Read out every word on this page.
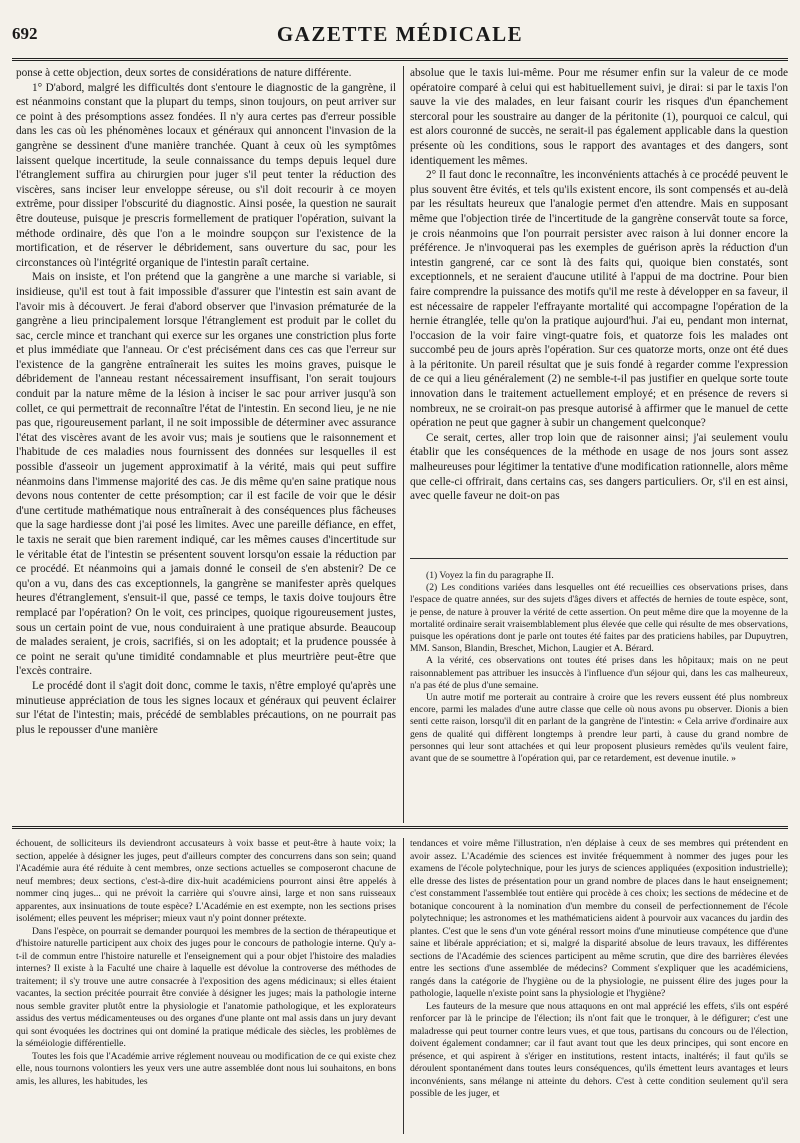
692	GAZETTE MÉDICALE

ponse à cette objection, deux sortes de considérations de nature différente.

1° D'abord, malgré les difficultés dont s'entoure le diagnostic de la gangrène, il est néanmoins constant que la plupart du temps, sinon toujours, on peut arriver sur ce point à des présomptions assez fondées. Il n'y aura certes pas d'erreur possible dans les cas où les phénomènes locaux et généraux qui annoncent l'invasion de la gangrène se dessinent d'une manière tranchée. Quant à ceux où les symptômes laissent quelque incertitude, la seule connaissance du temps depuis lequel dure l'étranglement suffira au chirurgien pour juger s'il peut tenter la réduction des viscères, sans inciser leur enveloppe séreuse, ou s'il doit recourir à ce moyen extrême, pour dissiper l'obscurité du diagnostic. Ainsi posée, la question ne saurait être douteuse, puisque je prescris formellement de pratiquer l'opération, suivant la méthode ordinaire, dès que l'on a le moindre soupçon sur l'existence de la mortification, et de réserver le débridement, sans ouverture du sac, pour les circonstances où l'intégrité organique de l'intestin paraît certaine.

Mais on insiste, et l'on prétend que la gangrène a une marche si variable, si insidieuse, qu'il est tout à fait impossible d'assurer que l'intestin est sain avant de l'avoir mis à découvert. Je ferai d'abord observer que l'invasion prématurée de la gangrène a lieu principalement lorsque l'étranglement est produit par le collet du sac, cercle mince et tranchant qui exerce sur les organes une constriction plus forte et plus immédiate que l'anneau. Or c'est précisément dans ces cas que l'erreur sur l'existence de la gangrène entraînerait les suites les moins graves, puisque le débridement de l'anneau restant nécessairement insuffisant, l'on serait toujours conduit par la nature même de la lésion à inciser le sac pour arriver jusqu'à son collet, ce qui permettrait de reconnaître l'état de l'intestin. En second lieu, je ne nie pas que, rigoureusement parlant, il ne soit impossible de déterminer avec assurance l'état des viscères avant de les avoir vus; mais je soutiens que le raisonnement et l'habitude de ces maladies nous fournissent des données sur lesquelles il est possible d'asseoir un jugement approximatif à la vérité, mais qui peut suffire néanmoins dans l'immense majorité des cas. Je dis même qu'en saine pratique nous devons nous contenter de cette présomption; car il est facile de voir que le désir d'une certitude mathématique nous entraînerait à des conséquences plus fâcheuses que la sage hardiesse dont j'ai posé les limites. Avec une pareille défiance, en effet, le taxis ne serait que bien rarement indiqué, car les mêmes causes d'incertitude sur le véritable état de l'intestin se présentent souvent lorsqu'on essaie la réduction par ce procédé. Et néanmoins qui a jamais donné le conseil de s'en abstenir? De ce qu'on a vu, dans des cas exceptionnels, la gangrène se manifester après quelques heures d'étranglement, s'ensuit-il que, passé ce temps, le taxis doive toujours être remplacé par l'opération? On le voit, ces principes, quoique rigoureusement justes, sous un certain point de vue, nous conduiraient à une pratique absurde. Beaucoup de malades seraient, je crois, sacrifiés, si on les adoptait; et la prudence poussée à ce point ne serait qu'une timidité condamnable et plus meurtrière peut-être que l'excès contraire.

Le procédé dont il s'agit doit donc, comme le taxis, n'être employé qu'après une minutieuse appréciation de tous les signes locaux et généraux qui peuvent éclairer sur l'état de l'intestin; mais, précédé de semblables précautions, on ne pourrait pas plus le repousser d'une manière

absolue que le taxis lui-même. Pour me résumer enfin sur la valeur de ce mode opératoire comparé à celui qui est habituellement suivi, je dirai: si par le taxis l'on sauve la vie des malades, en leur faisant courir les risques d'un épanchement stercoral pour les soustraire au danger de la péritonite (1), pourquoi ce calcul, qui est alors couronné de succès, ne serait-il pas également applicable dans la question présente où les conditions, sous le rapport des avantages et des dangers, sont identiquement les mêmes.

2° Il faut donc le reconnaître, les inconvénients attachés à ce procédé peuvent le plus souvent être évités, et tels qu'ils existent encore, ils sont compensés et au-delà par les résultats heureux que l'analogie permet d'en attendre. Mais en supposant même que l'objection tirée de l'incertitude de la gangrène conservât toute sa force, je crois néanmoins que l'on pourrait persister avec raison à lui donner encore la préférence. Je n'invoquerai pas les exemples de guérison après la réduction d'un intestin gangrené, car ce sont là des faits qui, quoique bien constatés, sont exceptionnels, et ne seraient d'aucune utilité à l'appui de ma doctrine. Pour bien faire comprendre la puissance des motifs qu'il me reste à développer en sa faveur, il est nécessaire de rappeler l'effrayante mortalité qui accompagne l'opération de la hernie étranglée, telle qu'on la pratique aujourd'hui. J'ai eu, pendant mon internat, l'occasion de la voir faire vingt-quatre fois, et quatorze fois les malades ont succombé peu de jours après l'opération. Sur ces quatorze morts, onze ont été dues à la péritonite. Un pareil résultat que je suis fondé à regarder comme l'expression de ce qui a lieu généralement (2) ne semble-t-il pas justifier en quelque sorte toute innovation dans le traitement actuellement employé; et en présence de revers si nombreux, ne se croirait-on pas presque autorisé à affirmer que le manuel de cette opération ne peut que gagner à subir un changement quelconque?

Ce serait, certes, aller trop loin que de raisonner ainsi; j'ai seulement voulu établir que les conséquences de la méthode en usage de nos jours sont assez malheureuses pour légitimer la tentative d'une modification rationnelle, alors même que celle-ci offrirait, dans certains cas, ses dangers particuliers. Or, s'il en est ainsi, avec quelle faveur ne doit-on pas

(1) Voyez la fin du paragraphe II.

(2) Les conditions variées dans lesquelles ont été recueillies ces observations prises, dans l'espace de quatre années, sur des sujets d'âges divers et affectés de hernies de toute espèce, sont, je pense, de nature à prouver la vérité de cette assertion. On peut même dire que la moyenne de la mortalité ordinaire serait vraisemblablement plus élevée que celle qui résulte de mes observations, puisque les opérations dont je parle ont toutes été faites par des praticiens habiles, par Dupuytren, MM. Sanson, Blandin, Breschet, Michon, Laugier et A. Bérard.

A la vérité, ces observations ont toutes été prises dans les hôpitaux; mais on ne peut raisonnablement pas attribuer les insuccès à l'influence d'un séjour qui, dans les cas malheureux, n'a pas été de plus d'une semaine.

Un autre motif me porterait au contraire à croire que les revers eussent été plus nombreux encore, parmi les malades d'une autre classe que celle où nous avons pu observer. Dionis a bien senti cette raison, lorsqu'il dit en parlant de la gangrène de l'intestin: « Cela arrive d'ordinaire aux gens de qualité qui diffèrent longtemps à prendre leur parti, à cause du grand nombre de personnes qui leur sont attachées et qui leur proposent plusieurs remèdes qu'ils veulent faire, avant que de se soumettre à l'opération qui, par ce retardement, est devenue inutile. »

échouent, de solliciteurs ils deviendront accusateurs à voix basse et peut-être à haute voix; la section, appelée à désigner les juges, peut d'ailleurs compter des concurrens dans son sein; quand l'Académie aura été réduite à cent membres, onze sections actuelles se composeront chacune de neuf membres; deux sections, c'est-à-dire dix-huit académiciens pourront ainsi être appelés à nommer cinq juges... qui ne prévoit la carrière qui s'ouvre ainsi, large et non sans ruisseaux apparentes, aux insinuations de toute espèce? L'Académie en est exempte, non les sections prises isolément; elles peuvent les mépriser; mieux vaut n'y point donner prétexte.

Dans l'espèce, on pourrait se demander pourquoi les membres de la section de thérapeutique et d'histoire naturelle participent aux choix des juges pour le concours de pathologie interne. Qu'y a-t-il de commun entre l'histoire naturelle et l'enseignement qui a pour objet l'histoire des maladies internes? Il existe à la Faculté une chaire à laquelle est dévolue la controverse des méthodes de traitement; il s'y trouve une autre consacrée à l'exposition des agens médicinaux; si elles étaient vacantes, la section précitée pourrait être conviée à désigner les juges; mais la pathologie interne nous semble graviter plutôt entre la physiologie et l'anatomie pathologique, et les explorateurs assidus des vertus médicamenteuses ou des organes d'une plante ont mal assis dans un jury devant qui sont évoquées les doctrines qui ont dominé la pratique médicale des siècles, les problèmes de la séméiologie différentielle.

Toutes les fois que l'Académie arrive réglement nouveau ou modification de ce qui existe chez elle, nous tournons volontiers les yeux vers une autre assemblée dont nous lui souhaitons, en bons amis, les allures, les habitudes, les

tendances et voire même l'illustration, n'en déplaise à ceux de ses membres qui prétendent en avoir assez. L'Académie des sciences est invitée fréquemment à nommer des juges pour les examens de l'école polytechnique, pour les jurys de sciences appliquées (exposition industrielle); elle dresse des listes de présentation pour un grand nombre de places dans le haut enseignement; c'est constamment l'assemblée tout entière qui procède à ces choix; les sections de médecine et de botanique concourent à la nomination d'un membre du conseil de perfectionnement de l'école polytechnique; les astronomes et les mathématiciens aident à pourvoir aux vacances du jardin des plantes. C'est que le sens d'un vote général ressort moins d'une minutieuse compétence que d'une saine et libérale appréciation; et si, malgré la disparité absolue de leurs travaux, les différentes sections de l'Académie des sciences participent au même scrutin, que dire des barrières élevées entre les sections d'une assemblée de médecins? Comment s'expliquer que les académiciens, rangés dans la catégorie de l'hygiène ou de la physiologie, ne puissent élire des juges pour la pathologie, laquelle n'existe point sans la physiologie et l'hygiène?

Les fauteurs de la mesure que nous attaquons en ont mal apprécié les effets, s'ils ont espéré renforcer par là le principe de l'élection; ils n'ont fait que le tronquer, à le défigurer; c'est une maladresse qui peut tourner contre leurs vues, et que tous, partisans du concours ou de l'élection, doivent également condamner; car il faut avant tout que les deux principes, qui sont encore en présence, et qui aspirent à s'ériger en institutions, restent intacts, inaltérés; il faut qu'ils se déroulent spontanément dans toutes leurs conséquences, qu'ils émettent leurs avantages et leurs inconvénients, sans mélange ni atteinte du dehors. C'est à cette condition seulement qu'il sera possible de les juger, et
